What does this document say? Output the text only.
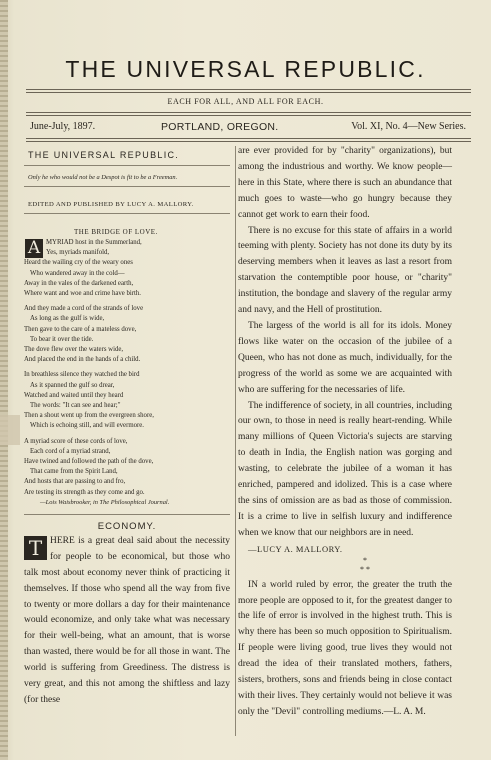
THE UNIVERSAL REPUBLIC.
EACH FOR ALL, AND ALL FOR EACH.
June-July, 1897.	PORTLAND, OREGON.	Vol. XI, No. 4—New Series.
THE UNIVERSAL REPUBLIC.
Only he who would not be a Despot is fit to be a Freeman.
EDITED AND PUBLISHED BY LUCY A. MALLORY.
THE BRIDGE OF LOVE.
A MYRIAD host in the Summerland,
Yes, myriads manifold,
Heard the wailing cry of the weary ones
Who wandered away in the cold—
Away in the vales of the darkened earth,
Where want and woe and crime have birth.
And they made a cord of the strands of love
As long as the gulf is wide,
Then gave to the care of a mateless dove,
To bear it over the tide.
The dove flew over the waters wide,
And placed the end in the hands of a child.
In breathless silence they watched the bird
As it spanned the gulf so drear,
Watched and waited until they heard
The words: "It can see and hear;"
Then a shout went up from the evergreen shore,
Which is echoing still, and will evermore.
A myriad score of these cords of love,
Each cord of a myriad strand,
Have twined and followed the path of the dove,
That came from the Spirit Land,
And hosts that are passing to and fro,
Are testing its strength as they come and go.
—Lois Waisbrooker, in The Philosophical Journal.
ECONOMY.

T HERE is a great deal said about the necessity for people to be economical, but those who talk most about economy never think of practicing it themselves. If those who spend all the way from five to twenty or more dollars a day for their maintenance would economize, and only take what was necessary for their well-being, what an amount, that is worse than wasted, there would be for all those in want. The world is suffering from Greediness. The distress is very great, and this not among the shiftless and lazy (for these

are ever provided for by "charity" organizations), but among the industrious and worthy. We know people—here in this State, where there is such an abundance that much goes to waste—who go hungry because they cannot get work to earn their food.

There is no excuse for this state of affairs in a world teeming with plenty. Society has not done its duty by its deserving members when it leaves as last a resort from starvation the contemptible poor house, or "charity" institution, the bondage and slavery of the regular army and navy, and the Hell of prostitution.

The largess of the world is all for its idols. Money flows like water on the occasion of the jubilee of a Queen, who has not done as much, individually, for the progress of the world as some we are acquainted with who are suffering for the necessaries of life.

The indifference of society, in all countries, including our own, to those in need is really heart-rending. While many millions of Queen Victoria's sujects are starving to death in India, the English nation was gorging and wasting, to celebrate the jubilee of a woman it has enriched, pampered and idolized. This is a case where the sins of omission are as bad as those of commission. It is a crime to live in selfish luxury and indifference when we know that our neighbors are in need.

—LUCY A. MALLORY.
*
* *

IN a world ruled by error, the greater the truth the more people are opposed to it, for the greatest danger to the life of error is involved in the highest truth. This is why there has been so much opposition to Spiritualism. If people were living good, true lives they would not dread the idea of their translated mothers, fathers, sisters, brothers, sons and friends being in close contact with their lives. They certainly would not believe it was only the "Devil" controlling mediums.—L. A. M.
